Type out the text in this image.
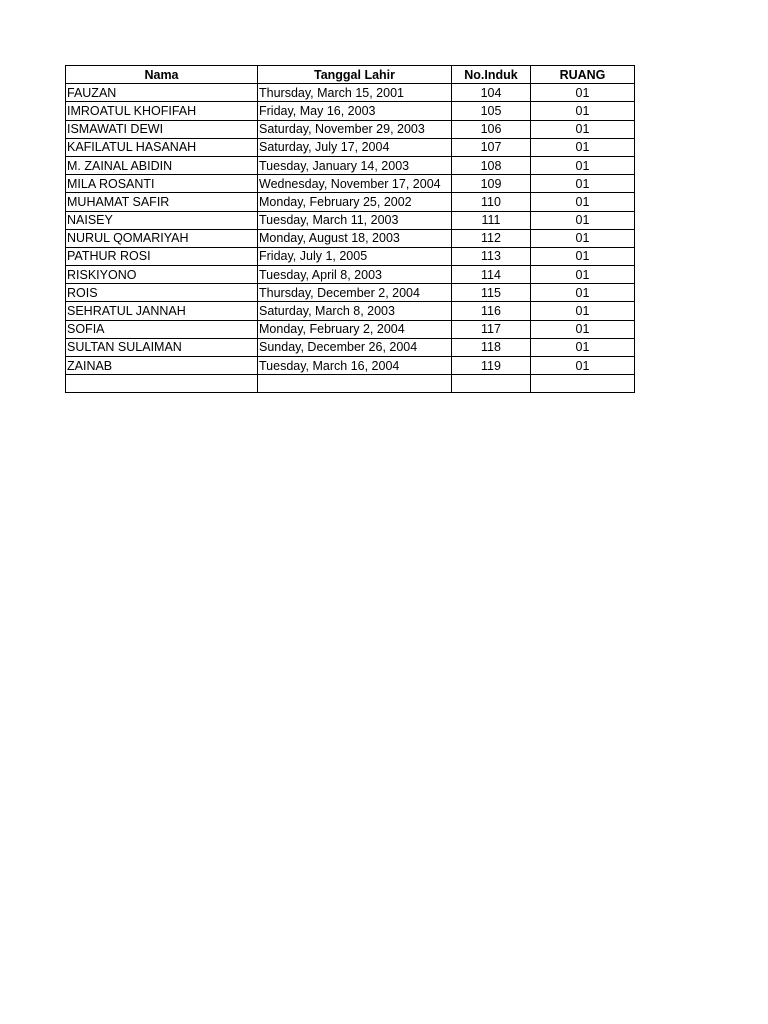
Nama	Tanggal Lahir	No.Induk	RUANG
FAUZAN	Thursday, March 15, 2001	104	01
IMROATUL KHOFIFAH	Friday, May 16, 2003	105	01
ISMAWATI DEWI	Saturday, November 29, 2003	106	01
KAFILATUL HASANAH	Saturday, July 17, 2004	107	01
M. ZAINAL ABIDIN	Tuesday, January 14, 2003	108	01
MILA ROSANTI	Wednesday, November 17, 2004	109	01
MUHAMAT SAFIR	Monday, February 25, 2002	110	01
NAISEY	Tuesday, March 11, 2003	111	01
NURUL QOMARIYAH	Monday, August 18, 2003	112	01
PATHUR ROSI	Friday, July 1, 2005	113	01
RISKIYONO	Tuesday, April 8, 2003	114	01
ROIS	Thursday, December 2, 2004	115	01
SEHRATUL JANNAH	Saturday, March 8, 2003	116	01
SOFIA	Monday, February 2, 2004	117	01
SULTAN SULAIMAN	Sunday, December 26, 2004	118	01
ZAINAB	Tuesday, March 16, 2004	119	01
